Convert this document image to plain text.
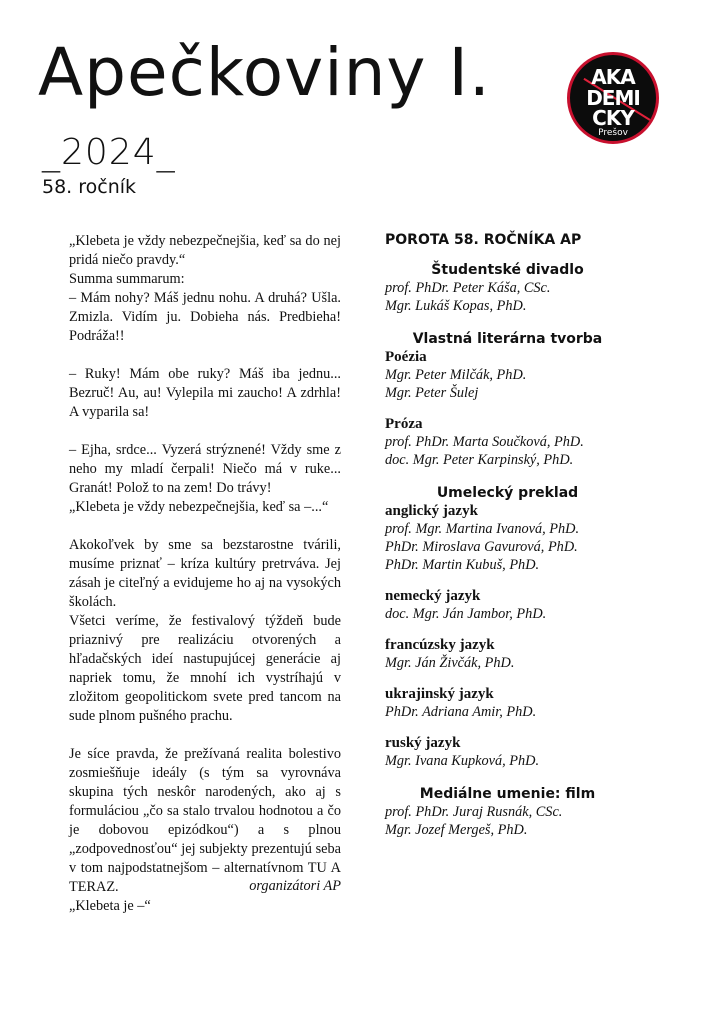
Apečkoviny I.
_2024_
58. ročník
AKA
DEMI
CKY
Prešov

„Klebeta je vždy nebezpečnejšia, keď sa do nej pridá niečo pravdy.“
Summa summarum:
– Mám nohy? Máš jednu nohu. A druhá? Ušla. Zmizla. Vidím ju. Dobieha nás. Predbieha! Podráža!!

– Ruky! Mám obe ruky? Máš iba jednu... Bezruč! Au, au! Vylepila mi zaucho! A zdrhla! A vyparila sa!

– Ejha, srdce... Vyzerá strýznené! Vždy sme z neho my mladí čerpali! Niečo má v ruke... Granát! Polož to na zem! Do trávy!
„Klebeta je vždy nebezpečnejšia, keď sa –...“

Akokoľvek by sme sa bezstarostne tvárili, musíme priznať – kríza kultúry pretrváva. Jej zásah je citeľný a evidujeme ho aj na vysokých školách.
Všetci veríme, že festivalový týždeň bude priaznivý pre realizáciu otvorených a hľadačských ideí nastupujúcej generácie aj napriek tomu, že mnohí ich vystríhajú v zložitom geopolitickom svete pred tancom na sude plnom pušného prachu.

Je síce pravda, že prežívaná realita bolestivo zosmiešňuje ideály (s tým sa vyrovnáva skupina tých neskôr narodených, ako aj s formuláciou „čo sa stalo trvalou hodnotou a čo je dobovou epizódkou“) a s plnou „zodpovednosťou“ jej subjekty prezentujú seba v tom najpodstatnejšom – alternatívnom TU A TERAZ.
„Klebeta je –“

organizátori AP
POROTA 58. ROČNÍKA AP
Študentské divadlo
prof. PhDr. Peter Káša, CSc.
Mgr. Lukáš Kopas, PhD.
Vlastná literárna tvorba
Poézia
Mgr. Peter Milčák, PhD.
Mgr. Peter Šulej
Próza
prof. PhDr. Marta Součková, PhD.
doc. Mgr. Peter Karpinský, PhD.
Umelecký preklad
anglický jazyk
prof. Mgr. Martina Ivanová, PhD.
PhDr. Miroslava Gavurová, PhD.
PhDr. Martin Kubuš, PhD.
nemecký jazyk
doc. Mgr. Ján Jambor, PhD.
francúzsky jazyk
Mgr. Ján Živčák, PhD.
ukrajinský jazyk
PhDr. Adriana Amir, PhD.
ruský jazyk
Mgr. Ivana Kupková, PhD.
Mediálne umenie: film
prof. PhDr. Juraj Rusnák, CSc.
Mgr. Jozef Mergeš, PhD.
